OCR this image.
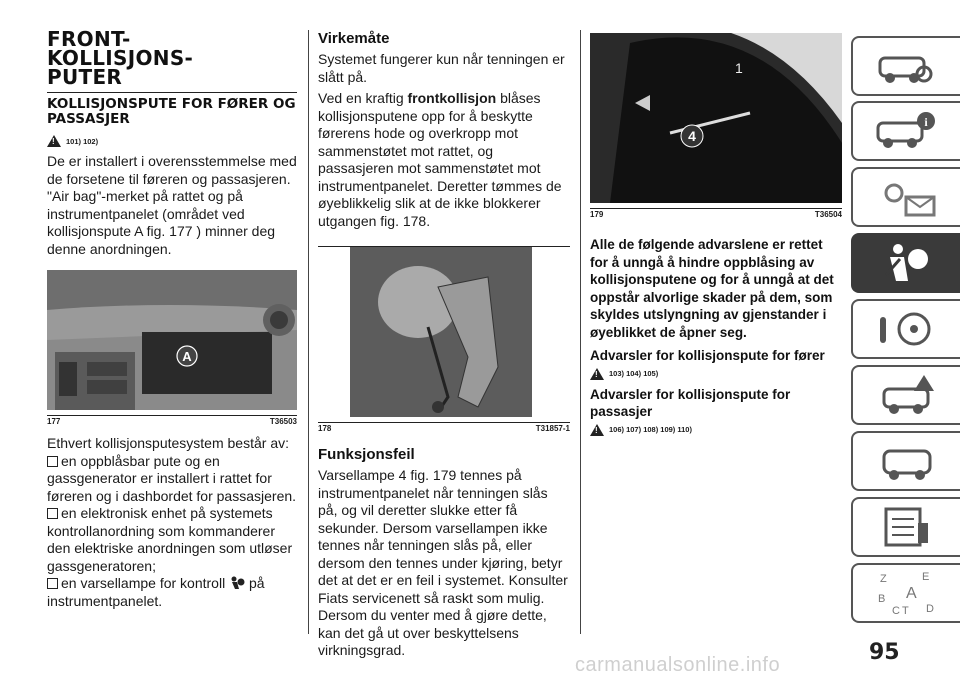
FRONT-
KOLLISJONS-
PUTER
KOLLISJONSPUTE FOR FØRER OG PASSASJER
!
101) 102)

De er installert i overensstemmelse med de forsetene til føreren og passasjeren. "Air bag"-merket på rattet og på instrumentpanelet (området ved kollisjonspute A fig. 177 ) minner deg denne anordningen.

A
177	T36503

Ethvert kollisjonsputesystem består av:

en oppblåsbar pute og en gassgenerator er installert i rattet for føreren og i dashbordet for passasjeren.

en elektronisk enhet på systemets kontrollanordning som kommanderer den elektriske anordningen som utløser gassgeneratoren;

en varsellampe for kontroll på instrumentpanelet.

Virkemåte

Systemet fungerer kun når tenningen er slått på.

Ved en kraftig frontkollisjon blåses kollisjonsputene opp for å beskytte førerens hode og overkropp mot sammenstøtet mot rattet, og passasjeren mot sammenstøtet mot instrumentpanelet. Deretter tømmes de øyeblikkelig slik at de ikke blokkerer utgangen fig. 178.

178	T31857-1
Funksjonsfeil

Varsellampe 4 fig. 179 tennes på instrumentpanelet når tenningen slås på, og vil deretter slukke etter få sekunder. Dersom varsellampen ikke tennes når tenningen slås på, eller dersom den tennes under kjøring, betyr det at det er en feil i systemet. Konsulter Fiats servicenett så raskt som mulig. Dersom du venter med å gjøre dette, kan det gå ut over beskyttelsens virkningsgrad.

1
4
179	T36504
Alle de følgende advarslene er rettet for å unngå å hindre oppblåsing av kollisjonsputene og for å unngå at det oppstår alvorlige skader på dem, som skyldes utslyngning av gjenstander i øyeblikket de åpner seg.
Advarsler for kollisjonspute for fører
!
103) 104) 105)
Advarsler for kollisjonspute for passasjer
!
106) 107) 108) 109) 110)
i
Z	E
B
C T D
A
95
carmanualsonline.info
